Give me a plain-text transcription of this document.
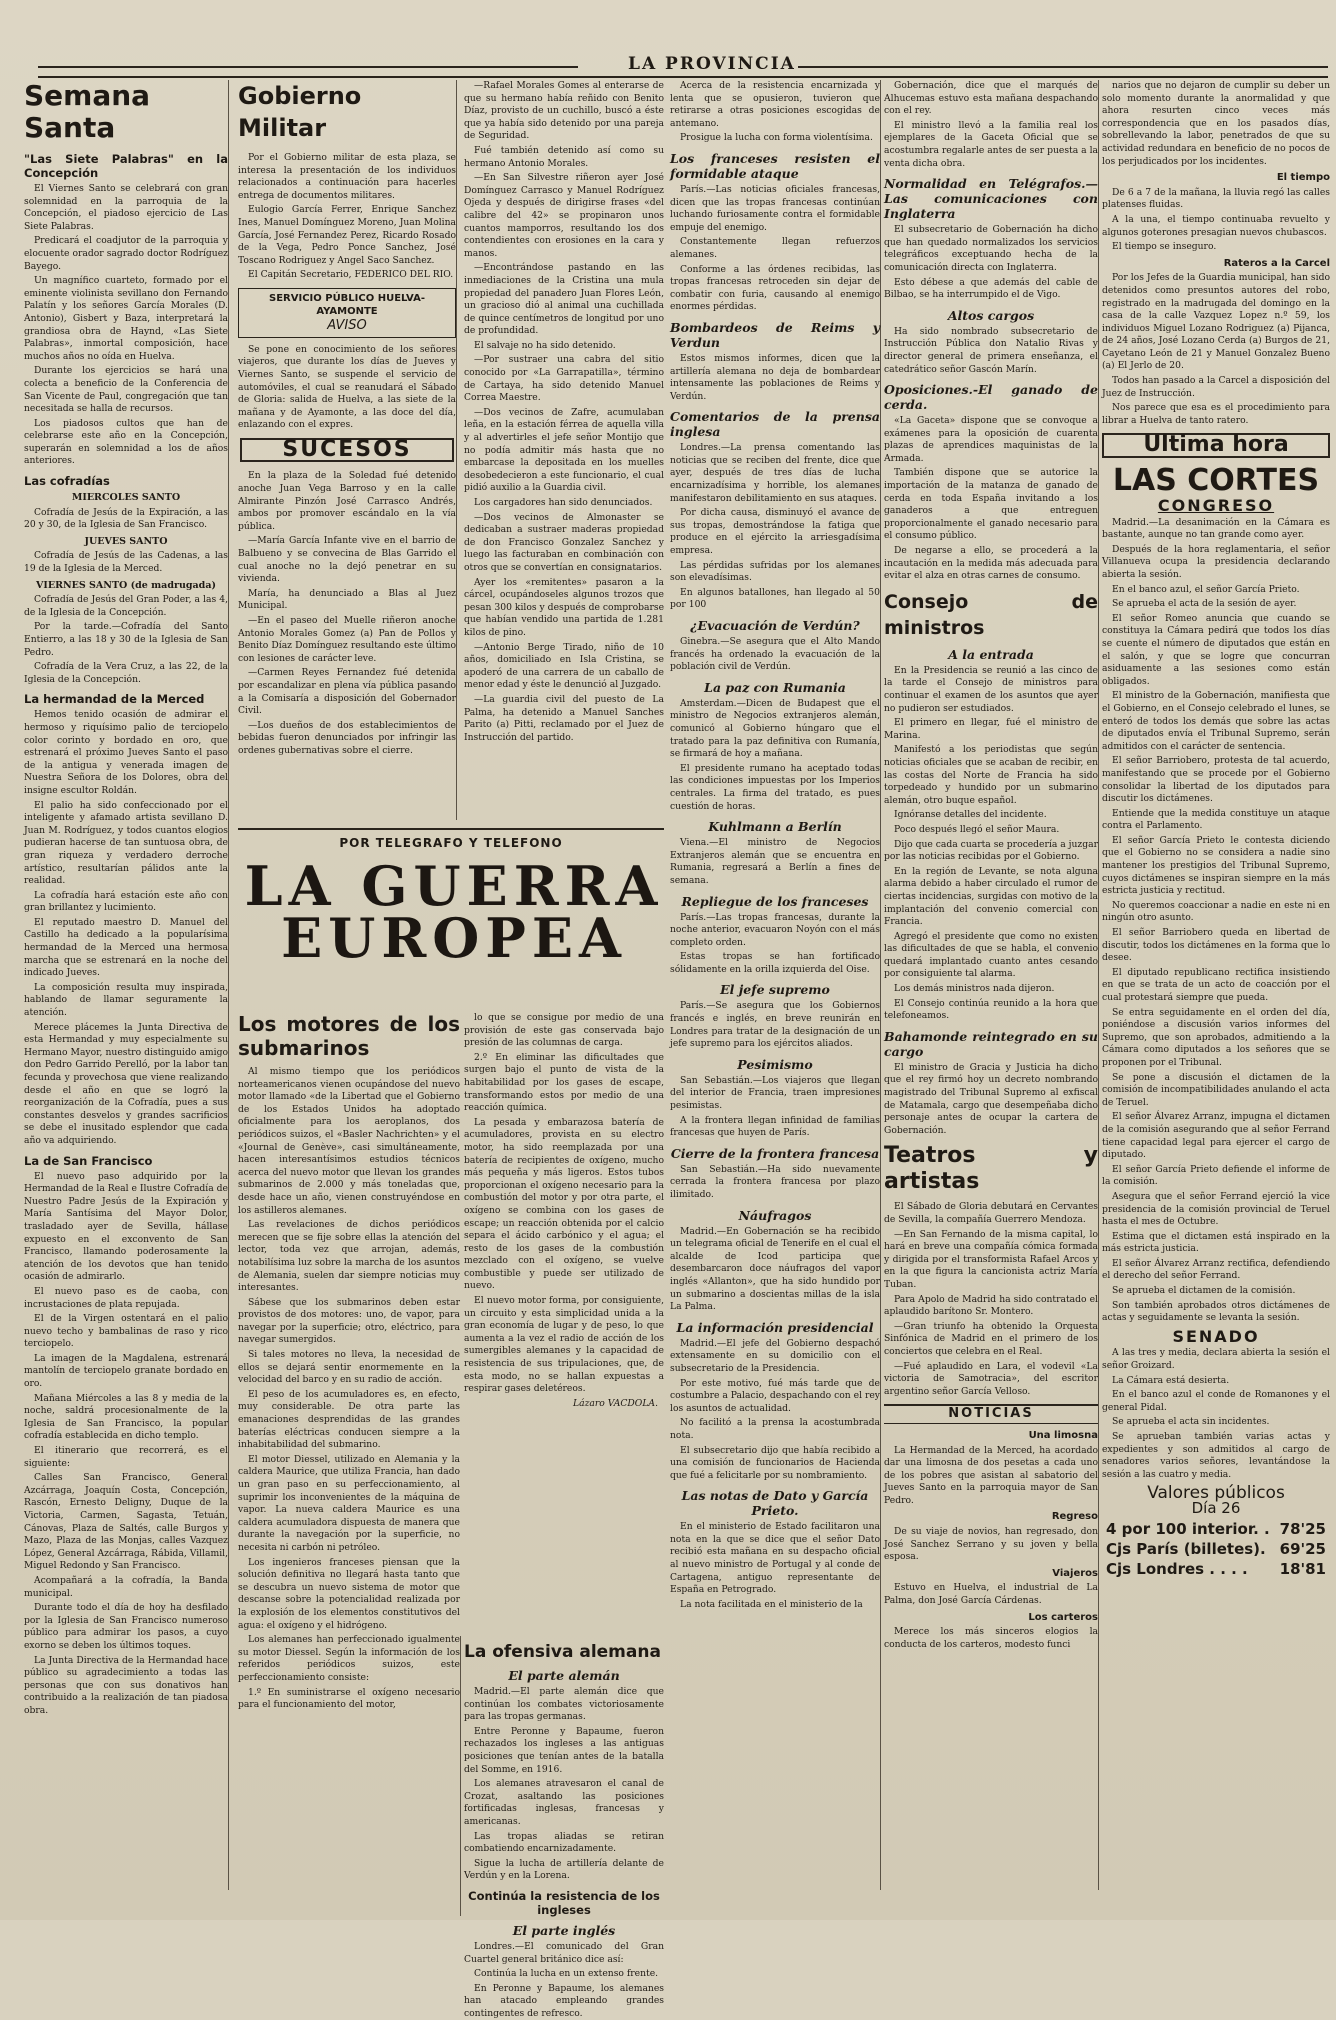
LA PROVINCIA
Semana Santa
"Las Siete Palabras" en la Concepción

El Viernes Santo se celebrará con gran solemnidad en la parroquia de la Concepción, el piadoso ejercicio de Las Siete Palabras.

Predicará el coadjutor de la parroquia y elocuente orador sagrado doctor Rodríguez Bayego.

Un magnífico cuarteto, formado por el eminente violinista sevillano don Fernando Palatín y los señores García Morales (D. Antonio), Gisbert y Baza, interpretará la grandiosa obra de Haynd, «Las Siete Palabras», inmortal composición, hace muchos años no oída en Huelva.

Durante los ejercicios se hará una colecta a beneficio de la Conferencia de San Vicente de Paul, congregación que tan necesitada se halla de recursos.

Los piadosos cultos que han de celebrarse este año en la Concepción, superarán en solemnidad a los de años anteriores.

Las cofradías
MIERCOLES SANTO

Cofradía de Jesús de la Expiración, a las 20 y 30, de la Iglesia de San Francisco.

JUEVES SANTO

Cofradía de Jesús de las Cadenas, a las 19 de la Iglesia de la Merced.

VIERNES SANTO (de madrugada)

Cofradía de Jesús del Gran Poder, a las 4, de la Iglesia de la Concepción.

Por la tarde.—Cofradía del Santo Entierro, a las 18 y 30 de la Iglesia de San Pedro.

Cofradía de la Vera Cruz, a las 22, de la Iglesia de la Concepción.

La hermandad de la Merced

Hemos tenido ocasión de admirar el hermoso y riquísimo palio de terciopelo color corinto y bordado en oro, que estrenará el próximo Jueves Santo el paso de la antigua y venerada imagen de Nuestra Señora de los Dolores, obra del insigne escultor Roldán.

El palio ha sido confeccionado por el inteligente y afamado artista sevillano D. Juan M. Rodríguez, y todos cuantos elogios pudieran hacerse de tan suntuosa obra, de gran riqueza y verdadero derroche artístico, resultarían pálidos ante la realidad.

La cofradía hará estación este año con gran brillantez y lucimiento.

El reputado maestro D. Manuel del Castillo ha dedicado a la popularísima hermandad de la Merced una hermosa marcha que se estrenará en la noche del indicado Jueves.

La composición resulta muy inspirada, hablando de llamar seguramente la atención.

Merece plácemes la Junta Directiva de esta Hermandad y muy especialmente su Hermano Mayor, nuestro distinguido amigo don Pedro Garrido Perelló, por la labor tan fecunda y provechosa que viene realizando desde el año en que se logró la reorganización de la Cofradía, pues a sus constantes desvelos y grandes sacrificios se debe el inusitado esplendor que cada año va adquiriendo.

La de San Francisco

El nuevo paso adquirido por la Hermandad de la Real e Ilustre Cofradía de Nuestro Padre Jesús de la Expiración y María Santísima del Mayor Dolor, trasladado ayer de Sevilla, hállase expuesto en el exconvento de San Francisco, llamando poderosamente la atención de los devotos que han tenido ocasión de admirarlo.

El nuevo paso es de caoba, con incrustaciones de plata repujada.

El de la Virgen ostentará en el palio nuevo techo y bambalinas de raso y rico terciopelo.

La imagen de la Magdalena, estrenará mantolín de terciopelo granate bordado en oro.

Mañana Miércoles a las 8 y media de la noche, saldrá procesionalmente de la Iglesia de San Francisco, la popular cofradía establecida en dicho templo.

El itinerario que recorrerá, es el siguiente:

Calles San Francisco, General Azcárraga, Joaquín Costa, Concepción, Rascón, Ernesto Deligny, Duque de la Victoria, Carmen, Sagasta, Tetuán, Cánovas, Plaza de Saltés, calle Burgos y Mazo, Plaza de las Monjas, calles Vazquez López, General Azcárraga, Rábida, Villamil, Miguel Redondo y San Francisco.

Acompañará a la cofradía, la Banda municipal.

Durante todo el día de hoy ha desfilado por la Iglesia de San Francisco numeroso público para admirar los pasos, a cuyo exorno se deben los últimos toques.

La Junta Directiva de la Hermandad hace público su agradecimiento a todas las personas que con sus donativos han contribuido a la realización de tan piadosa obra.

Gobierno Militar

Por el Gobierno militar de esta plaza, se interesa la presentación de los individuos relacionados a continuación para hacerles entrega de documentos militares.

Eulogio García Ferrer, Enrique Sanchez Ines, Manuel Domínguez Moreno, Juan Molina García, José Fernandez Perez, Ricardo Rosado de la Vega, Pedro Ponce Sanchez, José Toscano Rodriguez y Angel Saco Sanchez.

El Capitán Secretario, FEDERICO DEL RIO.

SERVICIO PÚBLICO HUELVA-AYAMONTE
AVISO

Se pone en conocimiento de los señores viajeros, que durante los días de Jueves y Viernes Santo, se suspende el servicio de automóviles, el cual se reanudará el Sábado de Gloria: salida de Huelva, a las siete de la mañana y de Ayamonte, a las doce del día, enlazando con el expres.

SUCESOS

En la plaza de la Soledad fué detenido anoche Juan Vega Barroso y en la calle Almirante Pinzón José Carrasco Andrés, ambos por promover escándalo en la vía pública.

—María García Infante vive en el barrio de Balbueno y se convecina de Blas Garrido el cual anoche no la dejó penetrar en su vivienda.

María, ha denunciado a Blas al Juez Municipal.

—En el paseo del Muelle riñeron anoche Antonio Morales Gomez (a) Pan de Pollos y Benito Díaz Domínguez resultando este último con lesiones de carácter leve.

—Carmen Reyes Fernandez fué detenida por escandalizar en plena vía pública pasando a la Comisaría a disposición del Gobernador Civil.

—Los dueños de dos establecimientos de bebidas fueron denunciados por infringir las ordenes gubernativas sobre el cierre.

—Rafael Morales Gomes al enterarse de que su hermano había reñido con Benito Díaz, provisto de un cuchillo, buscó a éste que ya había sido detenido por una pareja de Seguridad.

Fué también detenido así como su hermano Antonio Morales.

—En San Silvestre riñeron ayer José Domínguez Carrasco y Manuel Rodríguez Ojeda y después de dirigirse frases «del calibre del 42» se propinaron unos cuantos mamporros, resultando los dos contendientes con erosiones en la cara y manos.

—Encontrándose pastando en las inmediaciones de la Cristina una mula propiedad del panadero Juan Flores León, un gracioso dió al animal una cuchillada de quince centímetros de longitud por uno de profundidad.

El salvaje no ha sido detenido.

—Por sustraer una cabra del sitio conocido por «La Garrapatilla», término de Cartaya, ha sido detenido Manuel Correa Maestre.

—Dos vecinos de Zafre, acumulaban leña, en la estación férrea de aquella villa y al advertirles el jefe señor Montijo que no podía admitir más hasta que no embarcase la depositada en los muelles desobedecieron a este funcionario, el cual pidió auxilio a la Guardia civil.

Los cargadores han sido denunciados.

—Dos vecinos de Almonaster se dedicaban a sustraer maderas propiedad de don Francisco Gonzalez Sanchez y luego las facturaban en combinación con otros que se convertían en consignatarios.

Ayer los «remitentes» pasaron a la cárcel, ocupándoseles algunos trozos que pesan 300 kilos y después de comprobarse que habían vendido una partida de 1.281 kilos de pino.

—Antonio Berge Tirado, niño de 10 años, domiciliado en Isla Cristina, se apoderó de una carrera de un caballo de menor edad y éste le denunció al Juzgado.

—La guardia civil del puesto de La Palma, ha detenido a Manuel Sanches Parito (a) Pitti, reclamado por el Juez de Instrucción del partido.

POR TELEGRAFO Y TELEFONO
LA GUERRA
EUROPEA
Los motores de los submarinos

Al mismo tiempo que los periódicos norteamericanos vienen ocupándose del nuevo motor llamado «de la Libertad que el Gobierno de los Estados Unidos ha adoptado oficialmente para los aeroplanos, dos periódicos suizos, el «Basler Nachrichten» y el «Journal de Genève», casi simultáneamente, hacen interesantísimos estudios técnicos acerca del nuevo motor que llevan los grandes submarinos de 2.000 y más toneladas que, desde hace un año, vienen construyéndose en los astilleros alemanes.

Las revelaciones de dichos periódicos merecen que se fije sobre ellas la atención del lector, toda vez que arrojan, además, notabilísima luz sobre la marcha de los asuntos de Alemania, suelen dar siempre noticias muy interesantes.

Sábese que los submarinos deben estar provistos de dos motores: uno, de vapor, para navegar por la superficie; otro, eléctrico, para navegar sumergidos.

Si tales motores no lleva, la necesidad de ellos se dejará sentir enormemente en la velocidad del barco y en su radio de acción.

El peso de los acumuladores es, en efecto, muy considerable. De otra parte las emanaciones desprendidas de las grandes baterías eléctricas conducen siempre a la inhabitabilidad del submarino.

El motor Diessel, utilizado en Alemania y la caldera Maurice, que utiliza Francia, han dado un gran paso en su perfeccionamiento, al suprimir los inconvenientes de la máquina de vapor. La nueva caldera Maurice es una caldera acumuladora dispuesta de manera que durante la navegación por la superficie, no necesita ni carbón ni petróleo.

Los ingenieros franceses piensan que la solución definitiva no llegará hasta tanto que se descubra un nuevo sistema de motor que descanse sobre la potencialidad realizada por la explosión de los elementos constitutivos del agua: el oxígeno y el hidrógeno.

Los alemanes han perfeccionado igualmente su motor Diessel. Según la información de los referidos periódicos suizos, este perfeccionamiento consiste:

1.º En suministrarse el oxígeno necesario para el funcionamiento del motor,

lo que se consigue por medio de una provisión de este gas conservada bajo presión de las columnas de carga.

2.º En eliminar las dificultades que surgen bajo el punto de vista de la habitabilidad por los gases de escape, transformando estos por medio de una reacción química.

La pesada y embarazosa batería de acumuladores, provista en su electro motor, ha sido reemplazada por una batería de recipientes de oxígeno, mucho más pequeña y más ligeros. Estos tubos proporcionan el oxígeno necesario para la combustión del motor y por otra parte, el oxígeno se combina con los gases de escape; un reacción obtenida por el calcio separa el ácido carbónico y el agua; el resto de los gases de la combustión mezclado con el oxígeno, se vuelve combustible y puede ser utilizado de nuevo.

El nuevo motor forma, por consiguiente, un circuito y esta simplicidad unida a la gran economía de lugar y de peso, lo que aumenta a la vez el radio de acción de los sumergibles alemanes y la capacidad de resistencia de sus tripulaciones, que, de esta modo, no se hallan expuestas a respirar gases deletéreos.

Lázaro VACDOLA.
La ofensiva alemana
El parte alemán

Madrid.—El parte alemán dice que continúan los combates victoriosamente para las tropas germanas.

Entre Peronne y Bapaume, fueron rechazados los ingleses a las antiguas posiciones que tenían antes de la batalla del Somme, en 1916.

Los alemanes atravesaron el canal de Crozat, asaltando las posiciones fortificadas inglesas, francesas y americanas.

Las tropas aliadas se retiran combatiendo encarnizadamente.

Sigue la lucha de artillería delante de Verdún y en la Lorena.

Continúa la resistencia de los ingleses
El parte inglés

Londres.—El comunicado del Gran Cuartel general británico dice así:

Continúa la lucha en un extenso frente.

En Peronne y Bapaume, los alemanes han atacado empleando grandes contingentes de refresco.

Acerca de la resistencia encarnizada y lenta que se opusieron, tuvieron que retirarse a otras posiciones escogidas de antemano.

Prosigue la lucha con forma violentísima.

Los franceses resisten el formidable ataque

París.—Las noticias oficiales francesas, dicen que las tropas francesas continúan luchando furiosamente contra el formidable empuje del enemigo.

Constantemente llegan refuerzos alemanes.

Conforme a las órdenes recibidas, las tropas francesas retroceden sin dejar de combatir con furia, causando al enemigo enormes pérdidas.

Bombardeos de Reims y Verdun

Estos mismos informes, dicen que la artillería alemana no deja de bombardear intensamente las poblaciones de Reims y Verdún.

Comentarios de la prensa inglesa

Londres.—La prensa comentando las noticias que se reciben del frente, dice que ayer, después de tres días de lucha encarnizadísima y horrible, los alemanes manifestaron debilitamiento en sus ataques.

Por dicha causa, disminuyó el avance de sus tropas, demostrándose la fatiga que produce en el ejército la arriesgadísima empresa.

Las pérdidas sufridas por los alemanes son elevadísimas.

En algunos batallones, han llegado al 50 por 100

¿Evacuación de Verdún?

Ginebra.—Se asegura que el Alto Mando francés ha ordenado la evacuación de la población civil de Verdún.

La paz con Rumania

Amsterdam.—Dicen de Budapest que el ministro de Negocios extranjeros alemán, comunicó al Gobierno húngaro que el tratado para la paz definitiva con Rumanía, se firmará de hoy a mañana.

El presidente rumano ha aceptado todas las condiciones impuestas por los Imperios centrales. La firma del tratado, es pues cuestión de horas.

Kuhlmann a Berlín

Viena.—El ministro de Negocios Extranjeros alemán que se encuentra en Rumania, regresará a Berlín a fines de semana.

Repliegue de los franceses

París.—Las tropas francesas, durante la noche anterior, evacuaron Noyón con el más completo orden.

Estas tropas se han fortificado sólidamente en la orilla izquierda del Oise.

El jefe supremo

París.—Se asegura que los Gobiernos francés e inglés, en breve reunirán en Londres para tratar de la designación de un jefe supremo para los ejércitos aliados.

Pesimismo

San Sebastián.—Los viajeros que llegan del interior de Francia, traen impresiones pesimistas.

A la frontera llegan infinidad de familias francesas que huyen de París.

Cierre de la frontera francesa

San Sebastián.—Ha sido nuevamente cerrada la frontera francesa por plazo ilimitado.

Náufragos

Madrid.—En Gobernación se ha recibido un telegrama oficial de Tenerife en el cual el alcalde de Icod participa que desembarcaron doce náufragos del vapor inglés «Allanton», que ha sido hundido por un submarino a doscientas millas de la isla La Palma.

La información presidencial

Madrid.—El jefe del Gobierno despachó extensamente en su domicilio con el subsecretario de la Presidencia.

Por este motivo, fué más tarde que de costumbre a Palacio, despachando con el rey los asuntos de actualidad.

No facilitó a la prensa la acostumbrada nota.

El subsecretario dijo que había recibido a una comisión de funcionarios de Hacienda que fué a felicitarle por su nombramiento.

Las notas de Dato y García Prieto.

En el ministerio de Estado facilitaron una nota en la que se dice que el señor Dato recibió esta mañana en su despacho oficial al nuevo ministro de Portugal y al conde de Cartagena, antiguo representante de España en Petrogrado.

La nota facilitada en el ministerio de la

Gobernación, dice que el marqués de Alhucemas estuvo esta mañana despachando con el rey.

El ministro llevó a la familia real los ejemplares de la Gaceta Oficial que se acostumbra regalarle antes de ser puesta a la venta dicha obra.

Normalidad en Telégrafos.—Las comunicaciones con Inglaterra

El subsecretario de Gobernación ha dicho que han quedado normalizados los servicios telegráficos exceptuando hecha de la comunicación directa con Inglaterra.

Esto débese a que además del cable de Bilbao, se ha interrumpido el de Vigo.

Altos cargos

Ha sido nombrado subsecretario de Instrucción Pública don Natalio Rivas y director general de primera enseñanza, el catedrático señor Gascón Marín.

Oposiciones.-El ganado de cerda.

«La Gaceta» dispone que se convoque a exámenes para la oposición de cuarenta plazas de aprendices maquinistas de la Armada.

También dispone que se autorice la importación de la matanza de ganado de cerda en toda España invitando a los ganaderos a que entreguen proporcionalmente el ganado necesario para el consumo público.

De negarse a ello, se procederá a la incautación en la medida más adecuada para evitar el alza en otras carnes de consumo.

Consejo de ministros
A la entrada

En la Presidencia se reunió a las cinco de la tarde el Consejo de ministros para continuar el examen de los asuntos que ayer no pudieron ser estudiados.

El primero en llegar, fué el ministro de Marina.

Manifestó a los periodistas que según noticias oficiales que se acaban de recibir, en las costas del Norte de Francia ha sido torpedeado y hundido por un submarino alemán, otro buque español.

Ignóranse detalles del incidente.

Poco después llegó el señor Maura.

Dijo que cada cuarta se procedería a juzgar por las noticias recibidas por el Gobierno.

En la región de Levante, se nota alguna alarma debido a haber circulado el rumor de ciertas incidencias, surgidas con motivo de la implantación del convenio comercial con Francia.

Agregó el presidente que como no existen las dificultades de que se habla, el convenio quedará implantado cuanto antes cesando por consiguiente tal alarma.

Los demás ministros nada dijeron.

El Consejo continúa reunido a la hora que telefoneamos.

Bahamonde reintegrado en su cargo

El ministro de Gracia y Justicia ha dicho que el rey firmó hoy un decreto nombrando magistrado del Tribunal Supremo al exfiscal de Matamala, cargo que desempeñaba dicho personaje antes de ocupar la cartera de Gobernación.

Teatros y artistas

El Sábado de Gloria debutará en Cervantes de Sevilla, la compañía Guerrero Mendoza.

—En San Fernando de la misma capital, lo hará en breve una compañía cómica formada y dirigida por el transformista Rafael Arcos y en la que figura la cancionista actriz María Tuban.

Para Apolo de Madrid ha sido contratado el aplaudido barítono Sr. Montero.

—Gran triunfo ha obtenido la Orquesta Sinfónica de Madrid en el primero de los conciertos que celebra en el Real.

—Fué aplaudido en Lara, el vodevil «La victoria de Samotracia», del escritor argentino señor García Velloso.

NOTICIAS
Una limosna

La Hermandad de la Merced, ha acordado dar una limosna de dos pesetas a cada uno de los pobres que asistan al sabatorio del Jueves Santo en la parroquia mayor de San Pedro.

Regreso

De su viaje de novios, han regresado, don José Sanchez Serrano y su joven y bella esposa.

Viajeros

Estuvo en Huelva, el industrial de La Palma, don José García Cárdenas.

Los carteros

Merece los más sinceros elogios la conducta de los carteros, modesto funci

narios que no dejaron de cumplir su deber un solo momento durante la anormalidad y que ahora resurten cinco veces más correspondencia que en los pasados días, sobrellevando la labor, penetrados de que su actividad redundara en beneficio de no pocos de los perjudicados por los incidentes.

El tiempo

De 6 a 7 de la mañana, la lluvia regó las calles platenses fluidas.

A la una, el tiempo continuaba revuelto y algunos goterones presagian nuevos chubascos.

El tiempo se inseguro.

Rateros a la Carcel

Por los Jefes de la Guardia municipal, han sido detenidos como presuntos autores del robo, registrado en la madrugada del domingo en la casa de la calle Vazquez Lopez n.º 59, los individuos Miguel Lozano Rodriguez (a) Pijanca, de 24 años, José Lozano Cerda (a) Burgos de 21, Cayetano León de 21 y Manuel Gonzalez Bueno (a) El Jerlo de 20.

Todos han pasado a la Carcel a disposición del Juez de Instrucción.

Nos parece que esa es el procedimiento para librar a Huelva de tanto ratero.

Ultima hora
LAS CORTES
CONGRESO

Madrid.—La desanimación en la Cámara es bastante, aunque no tan grande como ayer.

Después de la hora reglamentaria, el señor Villanueva ocupa la presidencia declarando abierta la sesión.

En el banco azul, el señor García Prieto.

Se aprueba el acta de la sesión de ayer.

El señor Romeo anuncia que cuando se constituya la Cámara pedirá que todos los días se cuente el número de diputados que están en el salón, y que se logre que concurran asiduamente a las sesiones como están obligados.

El ministro de la Gobernación, manifiesta que el Gobierno, en el Consejo celebrado el lunes, se enteró de todos los demás que sobre las actas de diputados envía el Tribunal Supremo, serán admitidos con el carácter de sentencia.

El señor Barriobero, protesta de tal acuerdo, manifestando que se procede por el Gobierno consolidar la libertad de los diputados para discutir los dictámenes.

Entiende que la medida constituye un ataque contra el Parlamento.

El señor García Prieto le contesta diciendo que el Gobierno no se considera a nadie sino mantener los prestigios del Tribunal Supremo, cuyos dictámenes se inspiran siempre en la más estricta justicia y rectitud.

No queremos coaccionar a nadie en este ni en ningún otro asunto.

El señor Barriobero queda en libertad de discutir, todos los dictámenes en la forma que lo desee.

El diputado republicano rectifica insistiendo en que se trata de un acto de coacción por el cual protestará siempre que pueda.

Se entra seguidamente en el orden del día, poniéndose a discusión varios informes del Supremo, que son aprobados, admitiendo a la Cámara como diputados a los señores que se proponen por el Tribunal.

Se pone a discusión el dictamen de la comisión de incompatibilidades anulando el acta de Teruel.

El señor Álvarez Arranz, impugna el dictamen de la comisión asegurando que al señor Ferrand tiene capacidad legal para ejercer el cargo de diputado.

El señor García Prieto defiende el informe de la comisión.

Asegura que el señor Ferrand ejerció la vice presidencia de la comisión provincial de Teruel hasta el mes de Octubre.

Estima que el dictamen está inspirado en la más estricta justicia.

El señor Álvarez Arranz rectifica, defendiendo el derecho del señor Ferrand.

Se aprueba el dictamen de la comisión.

Son también aprobados otros dictámenes de actas y seguidamente se levanta la sesión.

SENADO

A las tres y media, declara abierta la sesión el señor Groizard.

La Cámara está desierta.

En el banco azul el conde de Romanones y el general Pidal.

Se aprueba el acta sin incidentes.

Se aprueban también varias actas y expedientes y son admitidos al cargo de senadores varios señores, levantándose la sesión a las cuatro y media.

Valores públicos
Día 26
4 por 100 interior. . 78'25
Cjs París (billetes). 69'25
Cjs Londres . . . . 18'81
